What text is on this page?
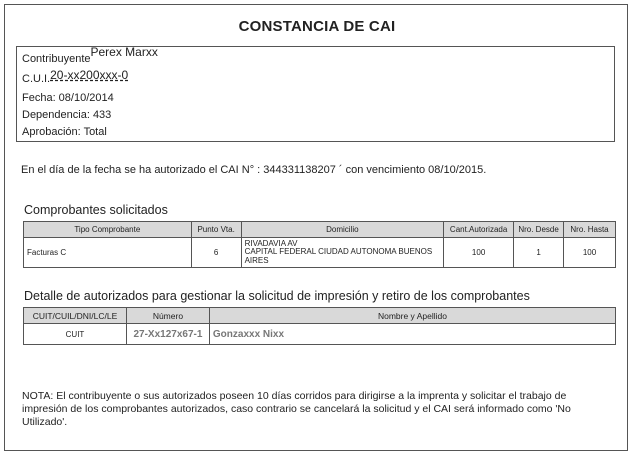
CONSTANCIA DE CAI
ContribuyentePerex Marxx
C.U.I.20-xx200xxx-0
Fecha: 08/10/2014
Dependencia: 433
Aprobación: Total
En el día de la fecha se ha autorizado el CAI N° : 344331138207 ´ con vencimiento 08/10/2015.
Comprobantes solicitados
Tipo Comprobante	Punto Vta.	Domicilio	Cant.Autorizada	Nro. Desde	Nro. Hasta
Facturas C	6	RIVADAVIA AV
CAPITAL FEDERAL CIUDAD AUTONOMA BUENOS
AIRES	100	1	100
Detalle de autorizados para gestionar la solicitud de impresión y retiro de los comprobantes
CUIT/CUIL/DNI/LC/LE	Número	Nombre y Apellido
CUIT	27-Xx127x67-1	Gonzaxxx Nixx
NOTA: El contribuyente o sus autorizados poseen 10 días corridos para dirigirse a la imprenta y solicitar el trabajo de impresión de los comprobantes autorizados, caso contrario se cancelará la solicitud y el CAI será informado como 'No Utilizado'.
